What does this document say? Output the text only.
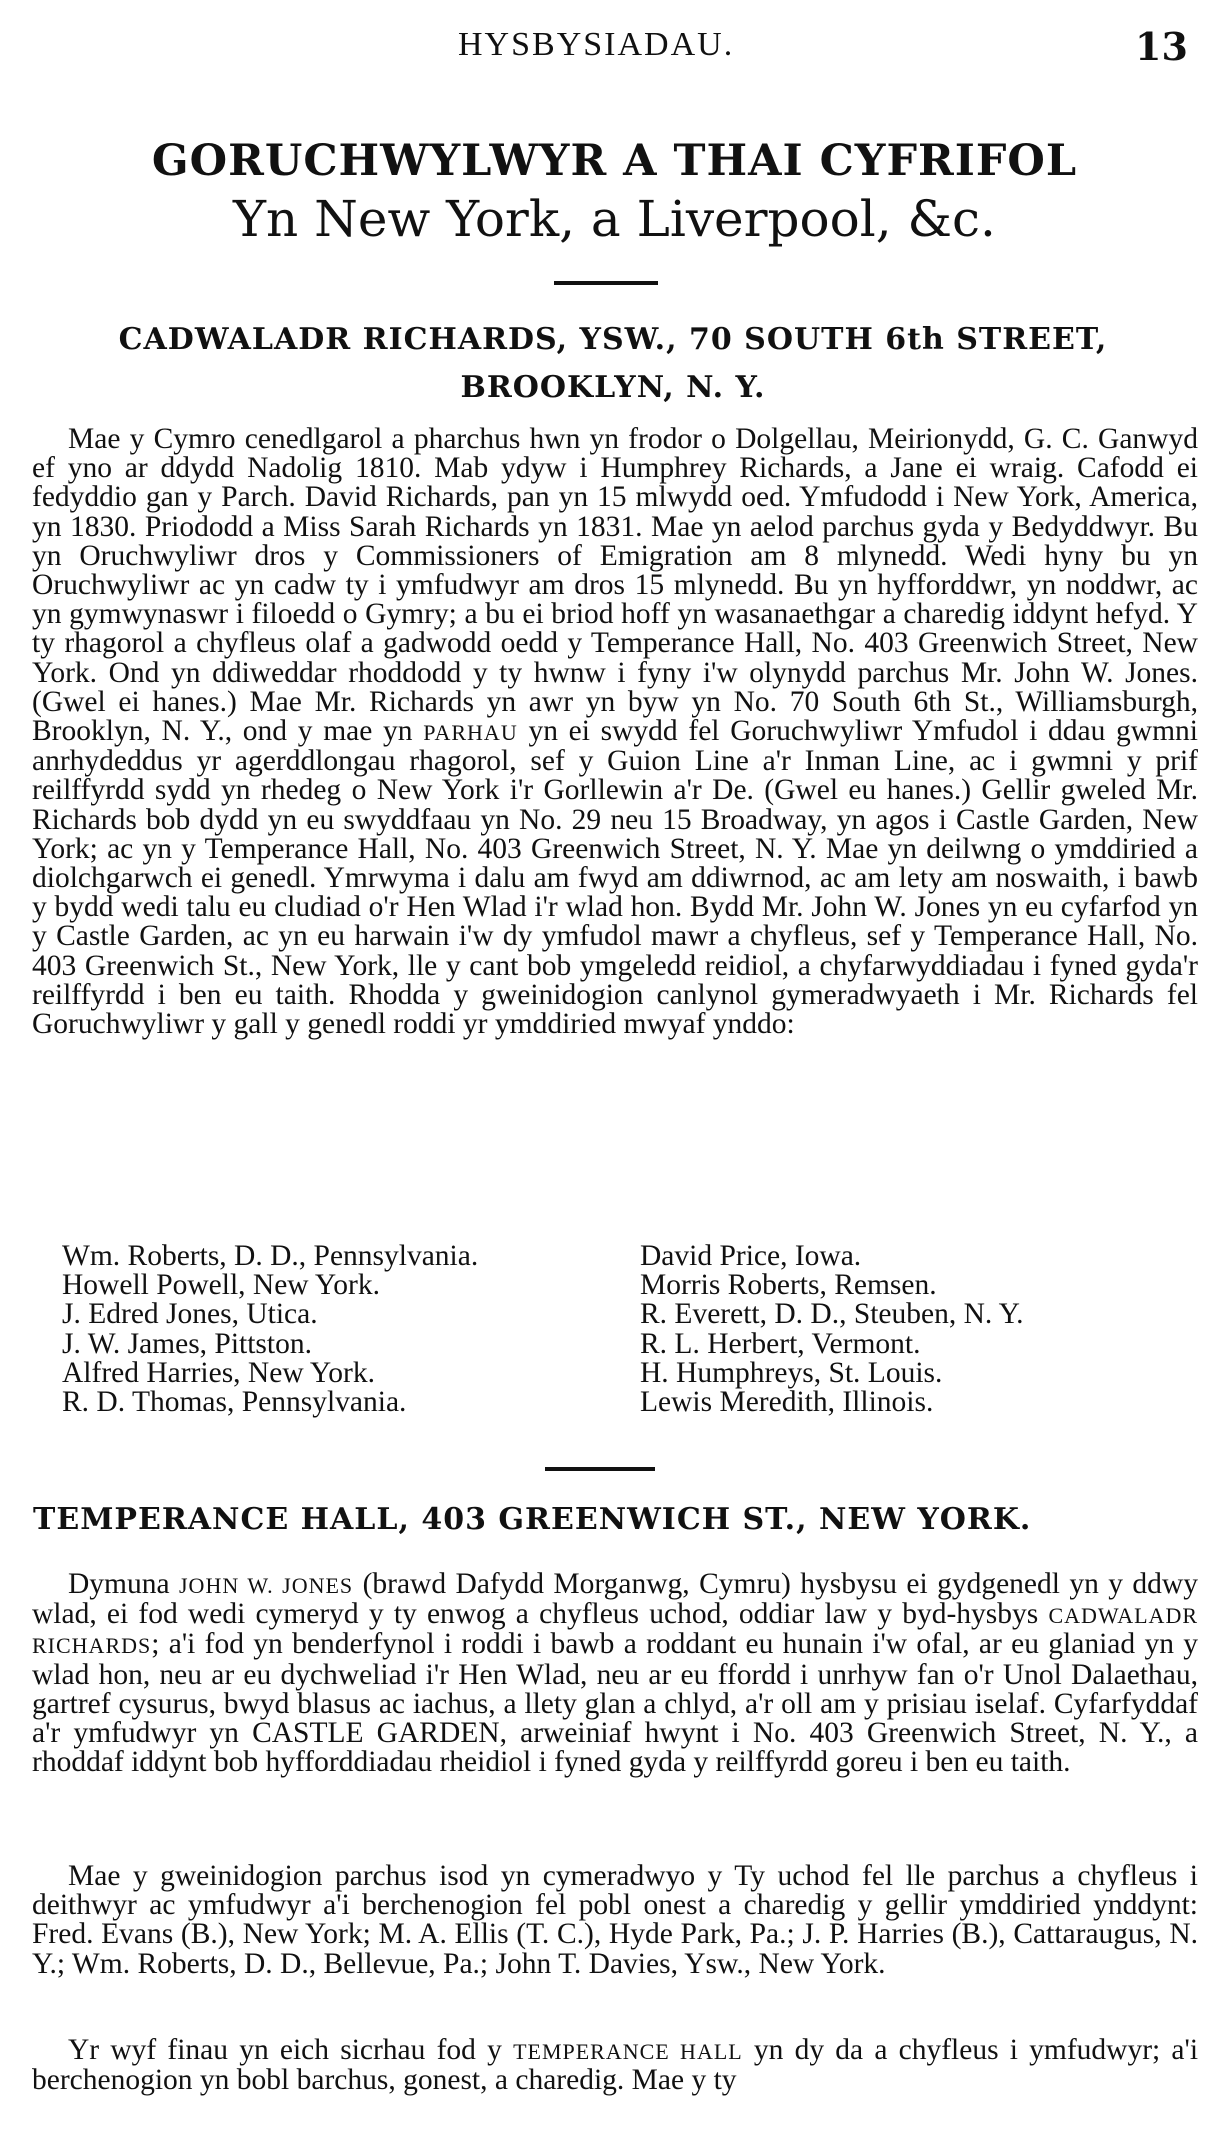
HYSBYSIADAU.	13
GORUCHWYLWYR A THAI CYFRIFOL
Yn New York, a Liverpool, &c.
CADWALADR RICHARDS, YSW., 70 SOUTH 6th STREET,
BROOKLYN, N. Y.

Mae y Cymro cenedlgarol a pharchus hwn yn frodor o Dolgellau, Meirionydd, G. C. Ganwyd ef yno ar ddydd Nadolig 1810. Mab ydyw i Humphrey Richards, a Jane ei wraig. Cafodd ei fedyddio gan y Parch. David Richards, pan yn 15 mlwydd oed. Ymfudodd i New York, America, yn 1830. Priododd a Miss Sarah Richards yn 1831. Mae yn aelod parchus gyda y Bedyddwyr. Bu yn Oruchwyliwr dros y Commissioners of Emigration am 8 mlynedd. Wedi hyny bu yn Oruchwyliwr ac yn cadw ty i ymfudwyr am dros 15 mlynedd. Bu yn hyfforddwr, yn noddwr, ac yn gymwynaswr i filoedd o Gymry; a bu ei briod hoff yn wasanaethgar a charedig iddynt hefyd. Y ty rhagorol a chyfleus olaf a gadwodd oedd y Temperance Hall, No. 403 Greenwich Street, New York. Ond yn ddiweddar rhoddodd y ty hwnw i fyny i'w olynydd parchus Mr. John W. Jones. (Gwel ei hanes.) Mae Mr. Richards yn awr yn byw yn No. 70 South 6th St., Williamsburgh, Brooklyn, N. Y., ond y mae yn PARHAU yn ei swydd fel Goruchwyliwr Ymfudol i ddau gwmni anrhydeddus yr agerddlongau rhagorol, sef y Guion Line a'r Inman Line, ac i gwmni y prif reilffyrdd sydd yn rhedeg o New York i'r Gorllewin a'r De. (Gwel eu hanes.) Gellir gweled Mr. Richards bob dydd yn eu swyddfaau yn No. 29 neu 15 Broadway, yn agos i Castle Garden, New York; ac yn y Temperance Hall, No. 403 Greenwich Street, N. Y. Mae yn deilwng o ymddiried a diolchgarwch ei genedl. Ymrwyma i dalu am fwyd am ddiwrnod, ac am lety am noswaith, i bawb y bydd wedi talu eu cludiad o'r Hen Wlad i'r wlad hon. Bydd Mr. John W. Jones yn eu cyfarfod yn y Castle Garden, ac yn eu harwain i'w dy ymfudol mawr a chyfleus, sef y Temperance Hall, No. 403 Greenwich St., New York, lle y cant bob ymgeledd reidiol, a chyfarwyddiadau i fyned gyda'r reilffyrdd i ben eu taith. Rhodda y gweinidogion canlynol gymeradwyaeth i Mr. Richards fel Goruchwyliwr y gall y genedl roddi yr ymddiried mwyaf ynddo:

Wm. Roberts, D. D., Pennsylvania.
Howell Powell, New York.
J. Edred Jones, Utica.
J. W. James, Pittston.
Alfred Harries, New York.
R. D. Thomas, Pennsylvania.
David Price, Iowa.
Morris Roberts, Remsen.
R. Everett, D. D., Steuben, N. Y.
R. L. Herbert, Vermont.
H. Humphreys, St. Louis.
Lewis Meredith, Illinois.
TEMPERANCE HALL, 403 GREENWICH ST., NEW YORK.

Dymuna JOHN W. JONES (brawd Dafydd Morganwg, Cymru) hysbysu ei gydgenedl yn y ddwy wlad, ei fod wedi cymeryd y ty enwog a chyfleus uchod, oddiar law y byd-hysbys CADWALADR RICHARDS; a'i fod yn benderfynol i roddi i bawb a roddant eu hunain i'w ofal, ar eu glaniad yn y wlad hon, neu ar eu dychweliad i'r Hen Wlad, neu ar eu ffordd i unrhyw fan o'r Unol Dalaethau, gartref cysurus, bwyd blasus ac iachus, a llety glan a chlyd, a'r oll am y prisiau iselaf. Cyfarfyddaf a'r ymfudwyr yn CASTLE GARDEN, arweiniaf hwynt i No. 403 Greenwich Street, N. Y., a rhoddaf iddynt bob hyfforddiadau rheidiol i fyned gyda y reilffyrdd goreu i ben eu taith.

Mae y gweinidogion parchus isod yn cymeradwyo y Ty uchod fel lle parchus a chyfleus i deithwyr ac ymfudwyr a'i berchenogion fel pobl onest a charedig y gellir ymddiried ynddynt: Fred. Evans (B.), New York; M. A. Ellis (T. C.), Hyde Park, Pa.; J. P. Harries (B.), Cattaraugus, N. Y.; Wm. Roberts, D. D., Bellevue, Pa.; John T. Davies, Ysw., New York.

Yr wyf finau yn eich sicrhau fod y TEMPERANCE HALL yn dy da a chyfleus i ymfudwyr; a'i berchenogion yn bobl barchus, gonest, a charedig. Mae y ty
